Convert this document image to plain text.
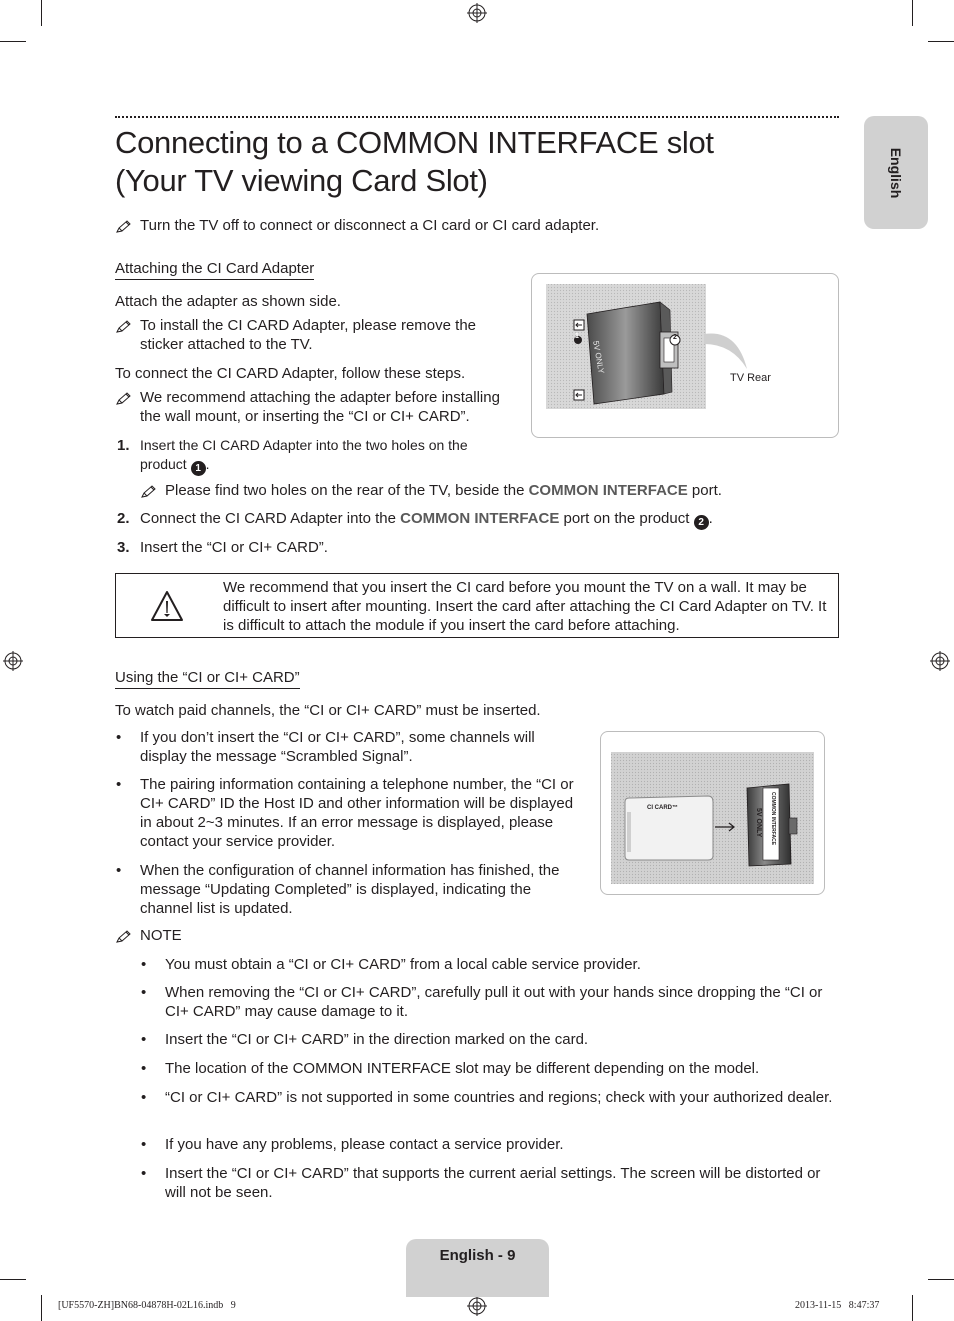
Connecting to a COMMON INTERFACE slot
(Your TV viewing Card Slot)	English
Turn the TV off to connect or disconnect a CI card or CI card adapter.
Attaching the CI Card Adapter
Attach the adapter as shown side.
To install the CI CARD Adapter, please remove the sticker attached to the TV.
To connect the CI CARD Adapter, follow these steps.
We recommend attaching the adapter before installing the wall mount, or inserting the “CI or CI+ CARD”.
1. Insert the CI CARD Adapter into the two holes on the product 1 .
Please find two holes on the rear of the TV, beside the COMMON INTERFACE port.
2. Connect the CI CARD Adapter into the COMMON INTERFACE port on the product 2 .
3. Insert the “CI or CI+ CARD”.
5V ONLY
1	2
TV Rear
We recommend that you insert the CI card before you mount the TV on a wall. It may be difficult to insert after mounting. Insert the card after attaching the CI Card Adapter on TV. It is difficult to attach the module if you insert the card before attaching.
Using the “CI or CI+ CARD”
To watch paid channels, the “CI or CI+ CARD” must be inserted.
• If you don’t insert the “CI or CI+ CARD”, some channels will display the message “Scrambled Signal”.
• The pairing information containing a telephone number, the “CI or CI+ CARD” ID the Host ID and other information will be displayed in about 2~3 minutes. If an error message is displayed, please contact your service provider.
• When the configuration of channel information has finished, the message “Updating Completed” is displayed, indicating the channel list is updated.
CI CARD™	5V ONLY COMMON INTERFACE
NOTE
• You must obtain a “CI or CI+ CARD” from a local cable service provider.
• When removing the “CI or CI+ CARD”, carefully pull it out with your hands since dropping the “CI or CI+ CARD” may cause damage to it.
• Insert the “CI or CI+ CARD” in the direction marked on the card.
• The location of the COMMON INTERFACE slot may be different depending on the model.
• “CI or CI+ CARD” is not supported in some countries and regions; check with your authorized dealer.
• If you have any problems, please contact a service provider.
• Insert the “CI or CI+ CARD” that supports the current aerial settings. The screen will be distorted or will not be seen.
English - 9
[UF5570-ZH]BN68-04878H-02L16.indb   9	2013-11-15   8:47:37
